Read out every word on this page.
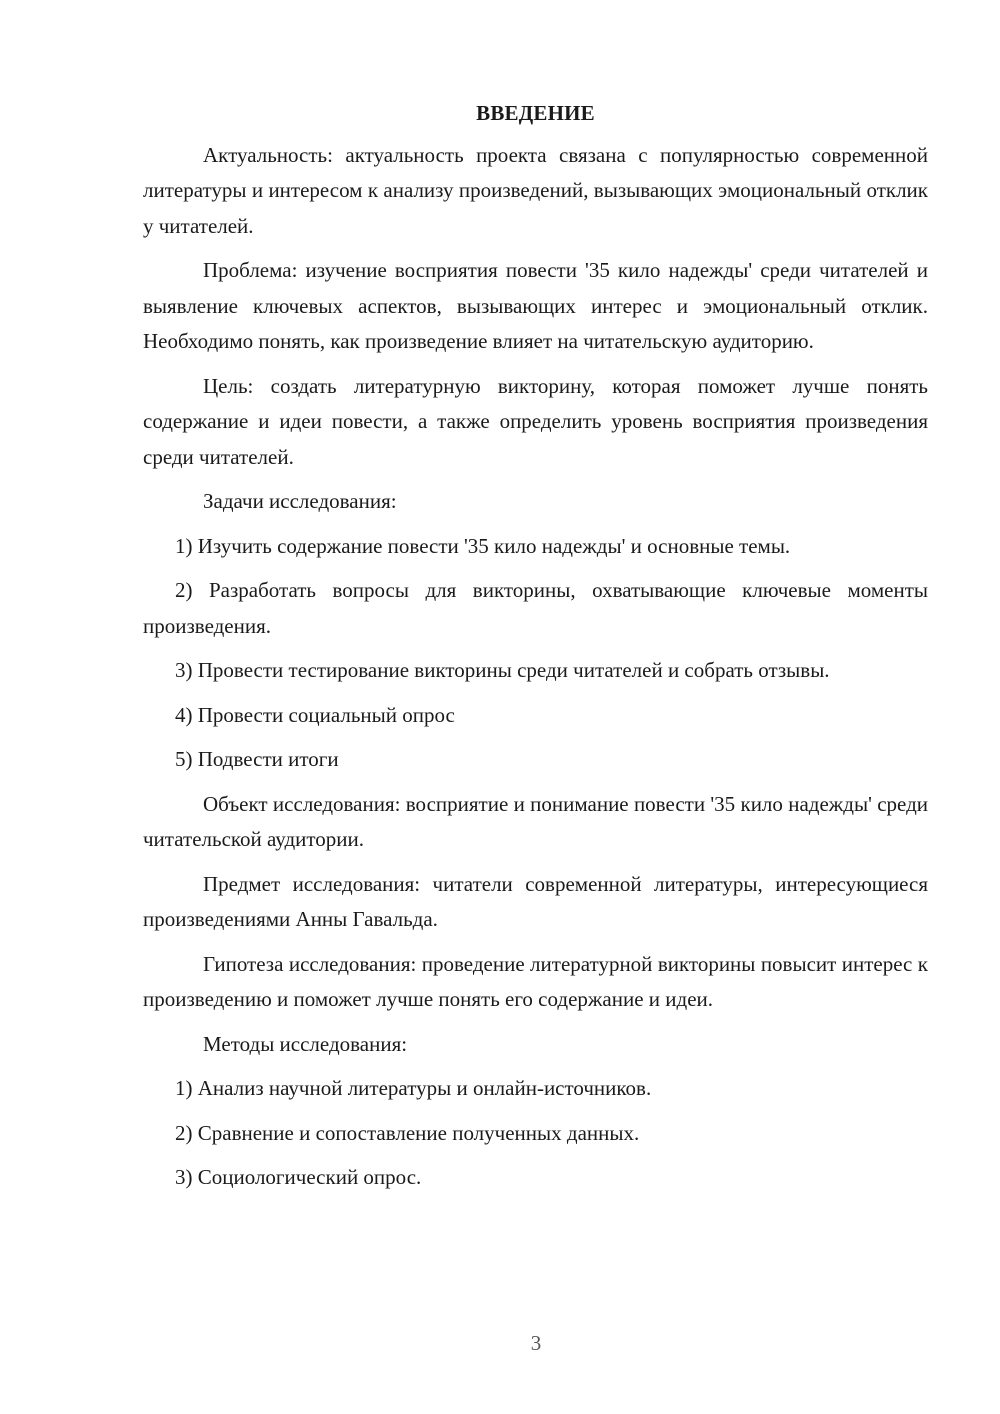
ВВЕДЕНИЕ

Актуальность: актуальность проекта связана с популярностью современной литературы и интересом к анализу произведений, вызывающих эмоциональный отклик у читателей.

Проблема: изучение восприятия повести '35 кило надежды' среди читателей и выявление ключевых аспектов, вызывающих интерес и эмоциональный отклик. Необходимо понять, как произведение влияет на читательскую аудиторию.

Цель: создать литературную викторину, которая поможет лучше понять содержание и идеи повести, а также определить уровень восприятия произведения среди читателей.

Задачи исследования:

1) Изучить содержание повести '35 кило надежды' и основные темы.

2) Разработать вопросы для викторины, охватывающие ключевые моменты произведения.

3) Провести тестирование викторины среди читателей и собрать отзывы.

4) Провести социальный опрос

5) Подвести итоги

Объект исследования: восприятие и понимание повести '35 кило надежды' среди читательской аудитории.

Предмет исследования: читатели современной литературы, интересующиеся произведениями Анны Гавальда.

Гипотеза исследования: проведение литературной викторины повысит интерес к произведению и поможет лучше понять его содержание и идеи.

Методы исследования:

1) Анализ научной литературы и онлайн-источников.

2) Сравнение и сопоставление полученных данных.

3) Социологический опрос.

3
